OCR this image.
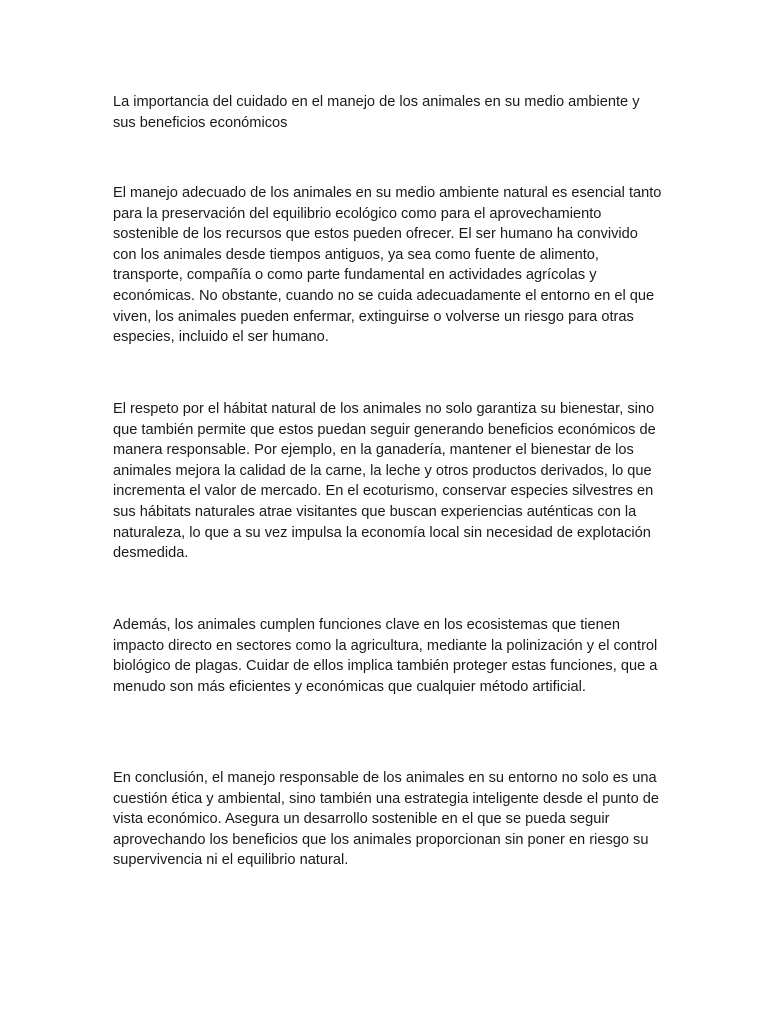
La importancia del cuidado en el manejo de los animales en su medio ambiente y sus beneficios económicos

El manejo adecuado de los animales en su medio ambiente natural es esencial tanto para la preservación del equilibrio ecológico como para el aprovechamiento sostenible de los recursos que estos pueden ofrecer. El ser humano ha convivido con los animales desde tiempos antiguos, ya sea como fuente de alimento, transporte, compañía o como parte fundamental en actividades agrícolas y económicas. No obstante, cuando no se cuida adecuadamente el entorno en el que viven, los animales pueden enfermar, extinguirse o volverse un riesgo para otras especies, incluido el ser humano.

El respeto por el hábitat natural de los animales no solo garantiza su bienestar, sino que también permite que estos puedan seguir generando beneficios económicos de manera responsable. Por ejemplo, en la ganadería, mantener el bienestar de los animales mejora la calidad de la carne, la leche y otros productos derivados, lo que incrementa el valor de mercado. En el ecoturismo, conservar especies silvestres en sus hábitats naturales atrae visitantes que buscan experiencias auténticas con la naturaleza, lo que a su vez impulsa la economía local sin necesidad de explotación desmedida.

Además, los animales cumplen funciones clave en los ecosistemas que tienen impacto directo en sectores como la agricultura, mediante la polinización y el control biológico de plagas. Cuidar de ellos implica también proteger estas funciones, que a menudo son más eficientes y económicas que cualquier método artificial.

En conclusión, el manejo responsable de los animales en su entorno no solo es una cuestión ética y ambiental, sino también una estrategia inteligente desde el punto de vista económico. Asegura un desarrollo sostenible en el que se pueda seguir aprovechando los beneficios que los animales proporcionan sin poner en riesgo su supervivencia ni el equilibrio natural.
